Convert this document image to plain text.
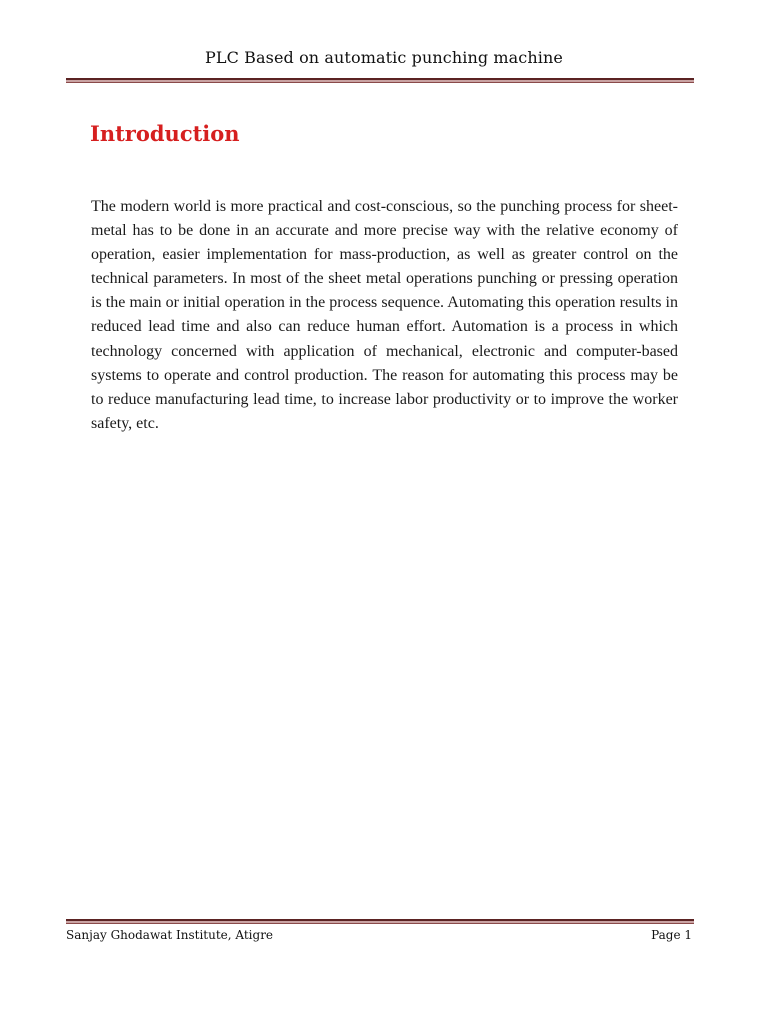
PLC Based on automatic punching machine
Introduction

The modern world is more practical and cost-conscious, so the punching process for sheet-metal has to be done in an accurate and more precise way with the relative economy of operation, easier implementation for mass-production, as well as greater control on the technical parameters. In most of the sheet metal operations punching or pressing operation is the main or initial operation in the process sequence. Automating this operation results in reduced lead time and also can reduce human effort. Automation is a process in which technology concerned with application of mechanical, electronic and computer-based systems to operate and control production. The reason for automating this process may be to reduce manufacturing lead time, to increase labor productivity or to improve the worker safety, etc.

Sanjay Ghodawat Institute, Atigre	Page 1
